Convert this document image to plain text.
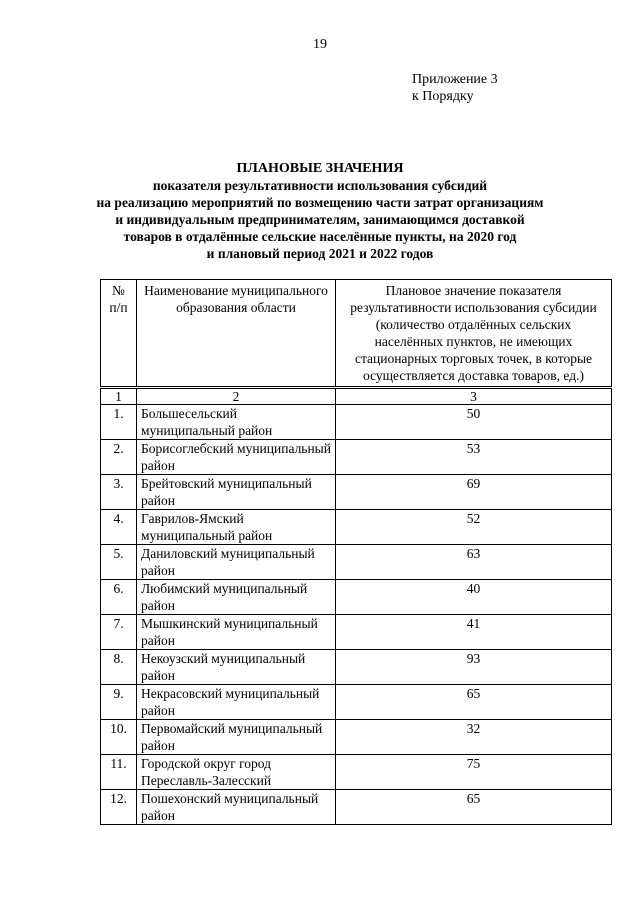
19
Приложение 3
к Порядку
ПЛАНОВЫЕ ЗНАЧЕНИЯ
показателя результативности использования субсидий
на реализацию мероприятий по возмещению части затрат организациям
и индивидуальным предпринимателям, занимающимся доставкой
товаров в отдалённые сельские населённые пункты, на 2020 год
и плановый период 2021 и 2022 годов
№ п/п	Наименование муниципального образования области	Плановое значение показателя результативности использования субсидии (количество отдалённых сельских населённых пунктов, не имеющих стационарных торговых точек, в которые осуществляется доставка товаров, ед.)
1	2	3
1.	Большесельский муниципальный район	50
2.	Борисоглебский муниципальный район	53
3.	Брейтовский муниципальный район	69
4.	Гаврилов-Ямский муниципальный район	52
5.	Даниловский муниципальный район	63
6.	Любимский муниципальный район	40
7.	Мышкинский муниципальный район	41
8.	Некоузский муниципальный район	93
9.	Некрасовский муниципальный район	65
10.	Первомайский муниципальный район	32
11.	Городской округ город Переславль-Залесский	75
12.	Пошехонский муниципальный район	65
